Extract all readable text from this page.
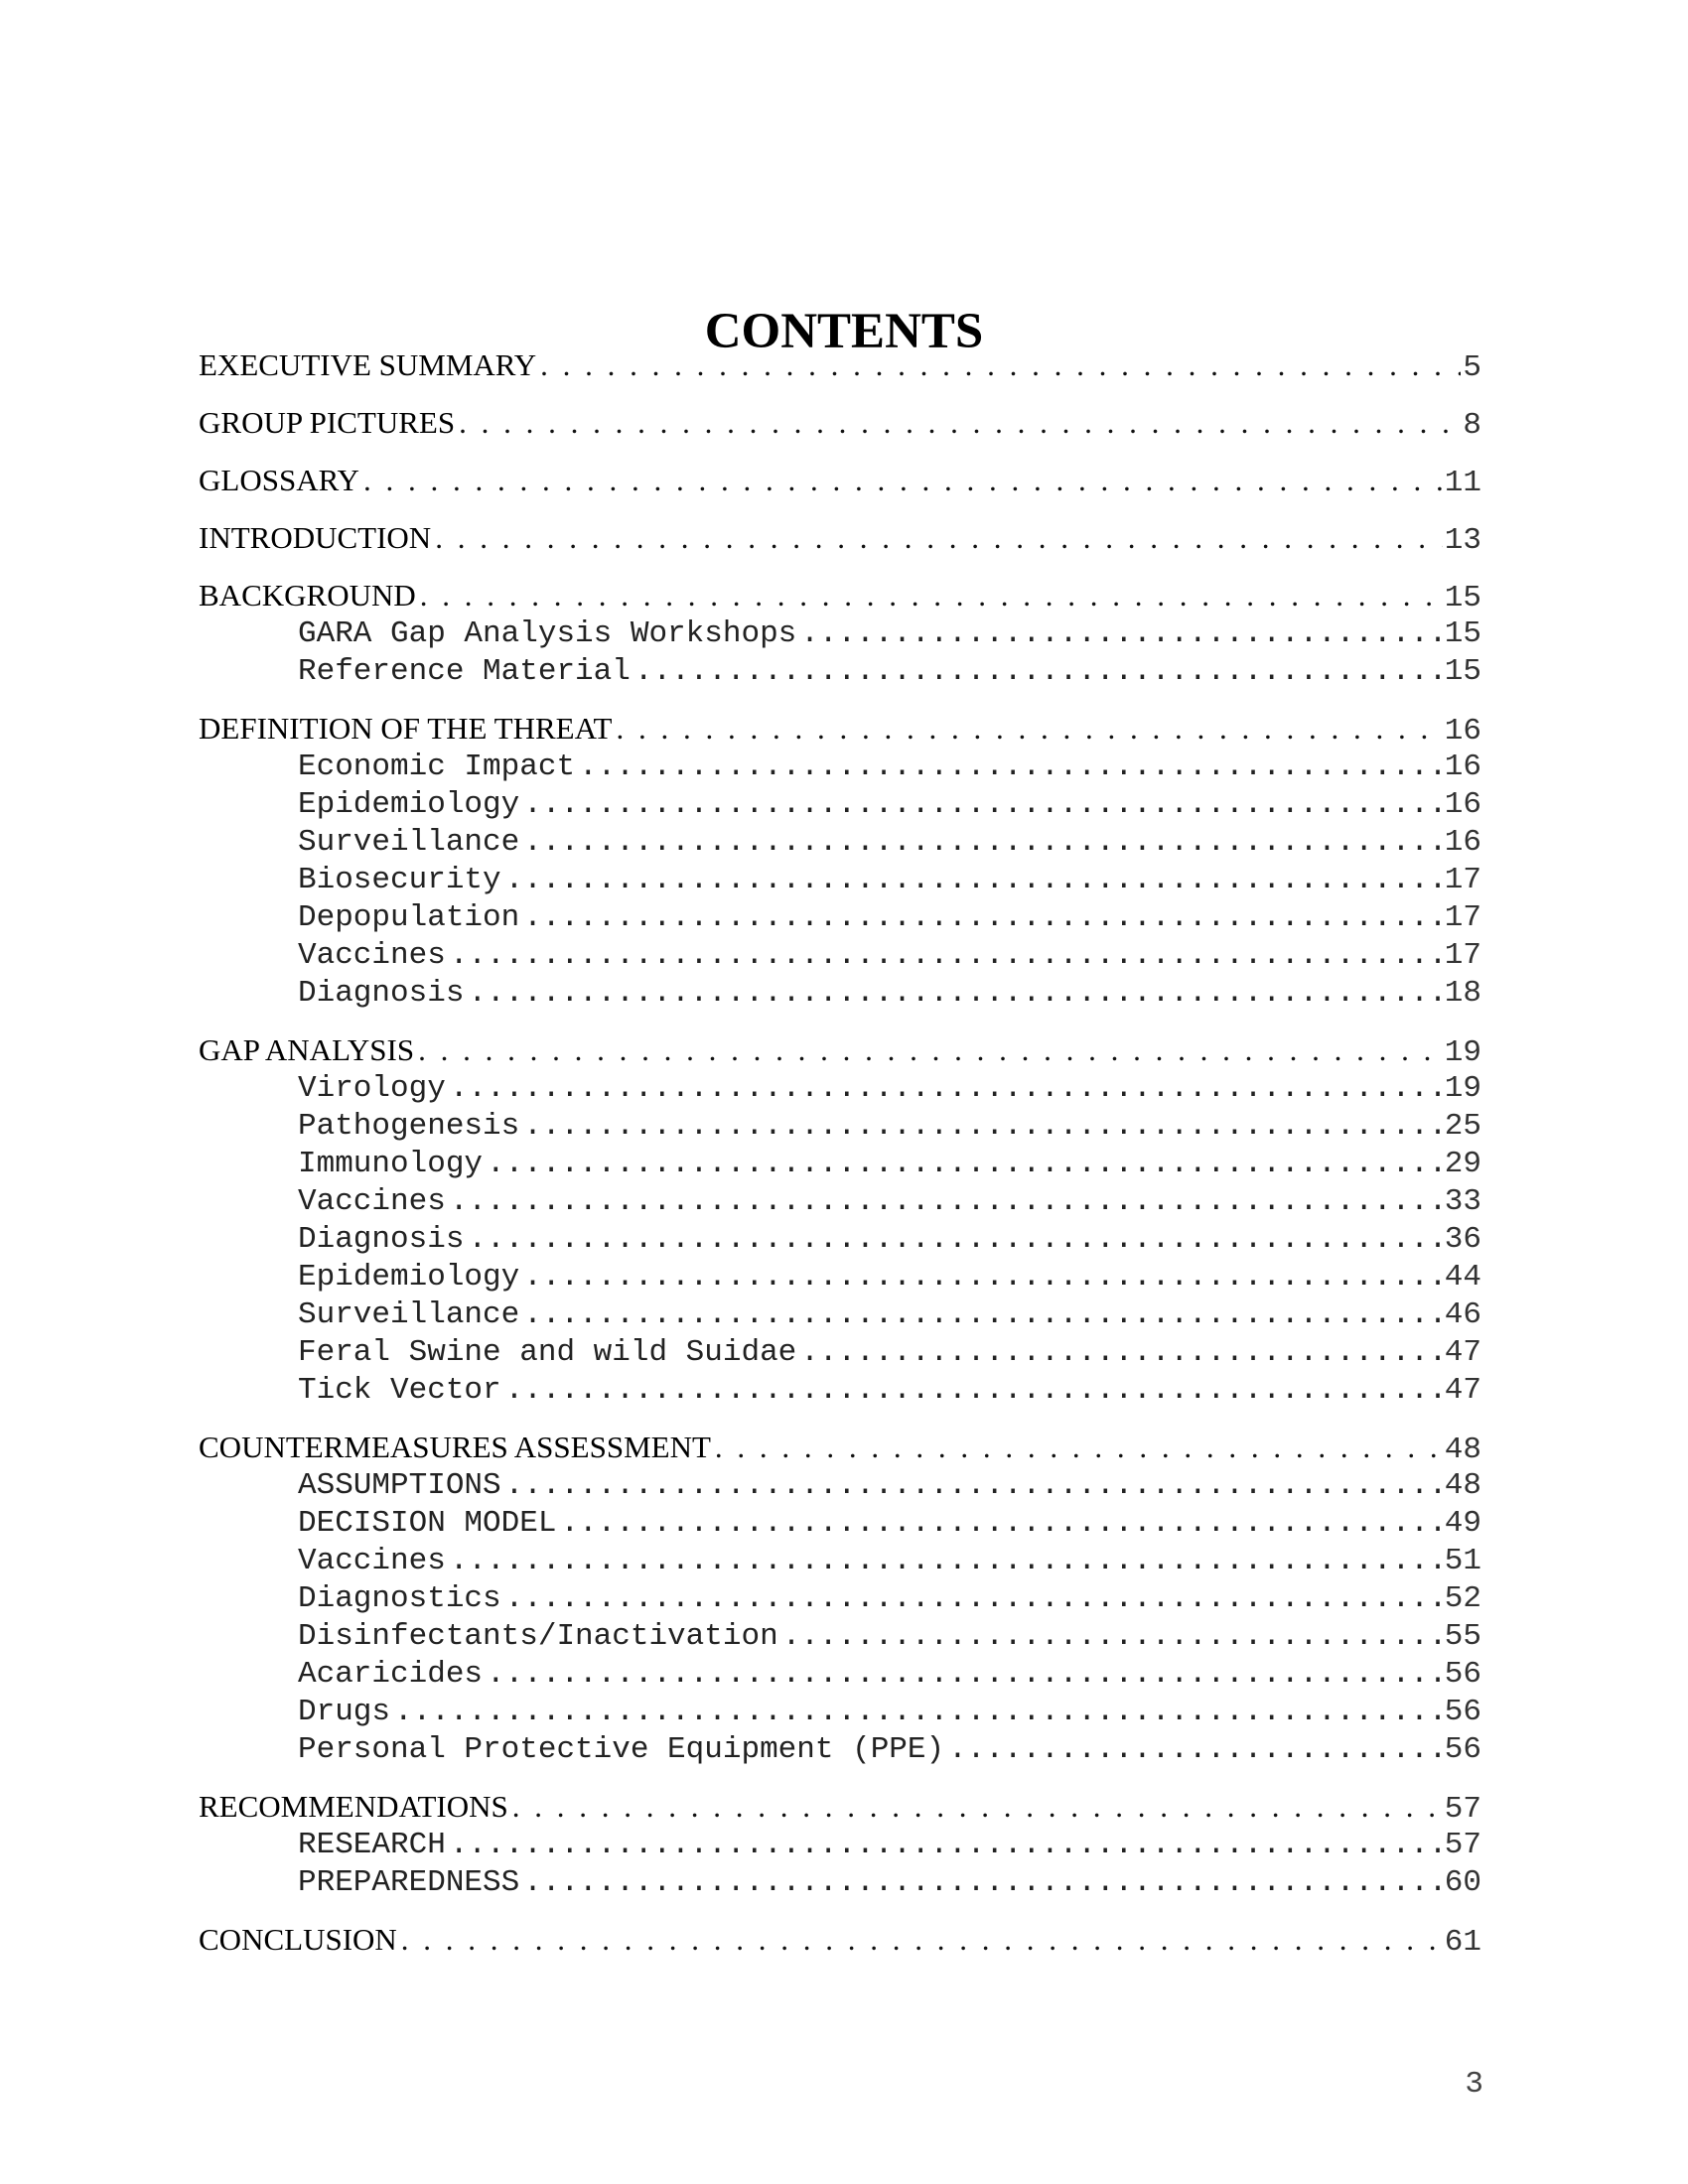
CONTENTS
EXECUTIVE SUMMARY . . .	5
GROUP PICTURES . . .	8
GLOSSARY . . .	11
INTRODUCTION . . .	13
BACKGROUND . . .	15
GARA Gap Analysis Workshops .....	15
Reference Material .....	15
DEFINITION OF THE THREAT . . .	16
Economic Impact .....	16
Epidemiology .....	16
Surveillance .....	16
Biosecurity .....	17
Depopulation .....	17
Vaccines .....	17
Diagnosis .....	18
GAP ANALYSIS . . .	19
Virology .....	19
Pathogenesis .....	25
Immunology .....	29
Vaccines .....	33
Diagnosis .....	36
Epidemiology .....	44
Surveillance .....	46
Feral Swine and wild Suidae .....	47
Tick Vector .....	47
COUNTERMEASURES ASSESSMENT . . .	48
ASSUMPTIONS .....	48
DECISION MODEL .....	49
Vaccines .....	51
Diagnostics .....	52
Disinfectants/Inactivation .....	55
Acaricides .....	56
Drugs .....	56
Personal Protective Equipment (PPE) .....	56
RECOMMENDATIONS . . .	57
RESEARCH .....	57
PREPAREDNESS .....	60
CONCLUSION . . .	61
3
